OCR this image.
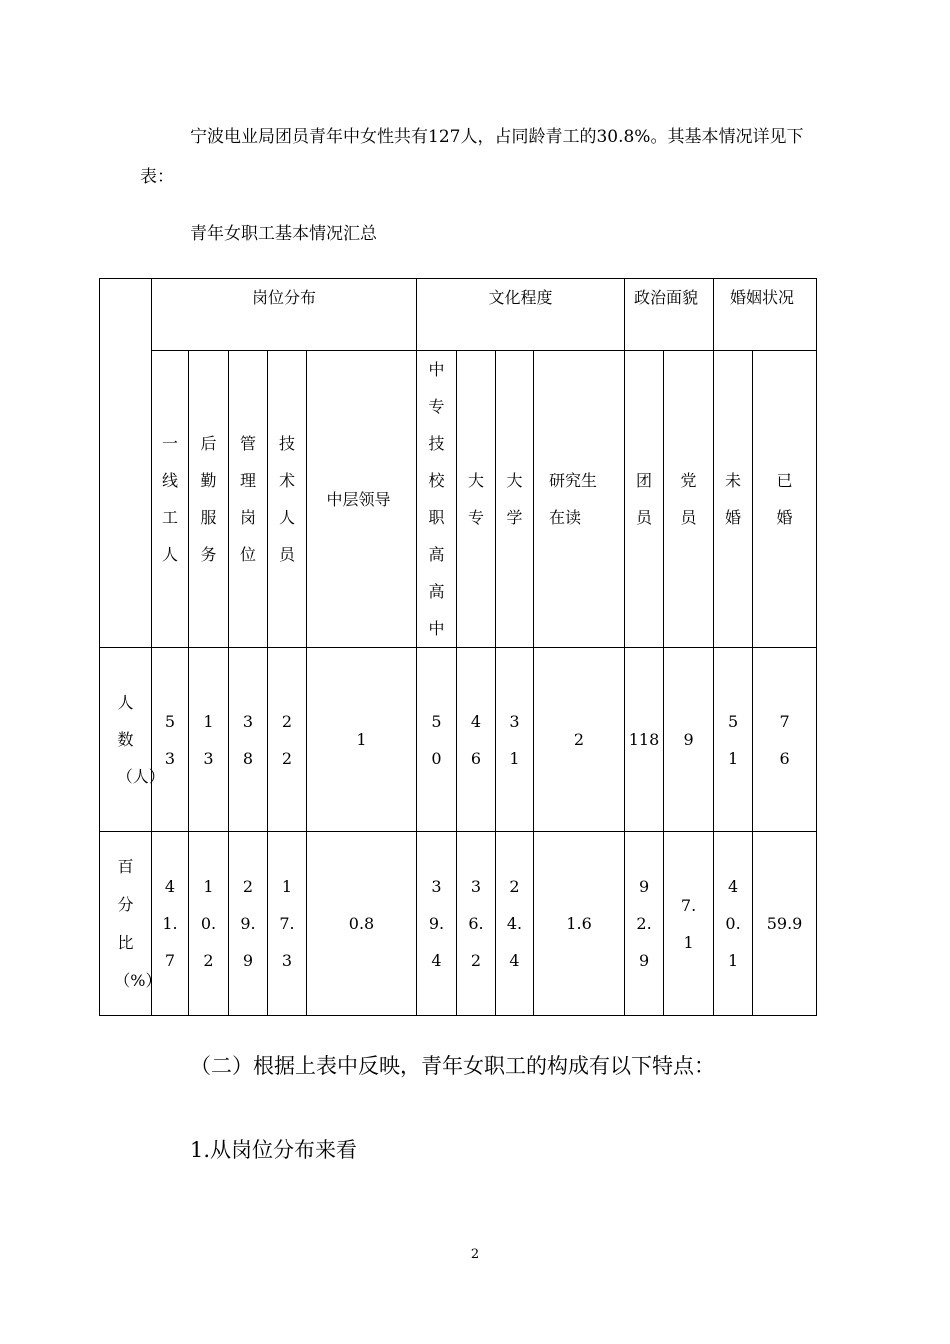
宁波电业局团员青年中女性共有127人，占同龄青工的30.8%。其基本情况详见下表：

青年女职工基本情况汇总

	岗位分布					文化程度				政治面貌		婚姻状况	
	一线工人	后勤服务	管理岗位	技术人员	中层领导	中专技校职高高中	大专	大学	研究生在读	团员	党员	未婚	已婚
人数（人）	53	13	38	22	1	50	46	31	2	118	9	51	76
百分比（%）	41.7	10.2	29.9	17.3	0.8	39.4	36.2	24.4	1.6	92.9	7.1	40.1	59.9

（二）根据上表中反映，青年女职工的构成有以下特点：

1.从岗位分布来看

2
